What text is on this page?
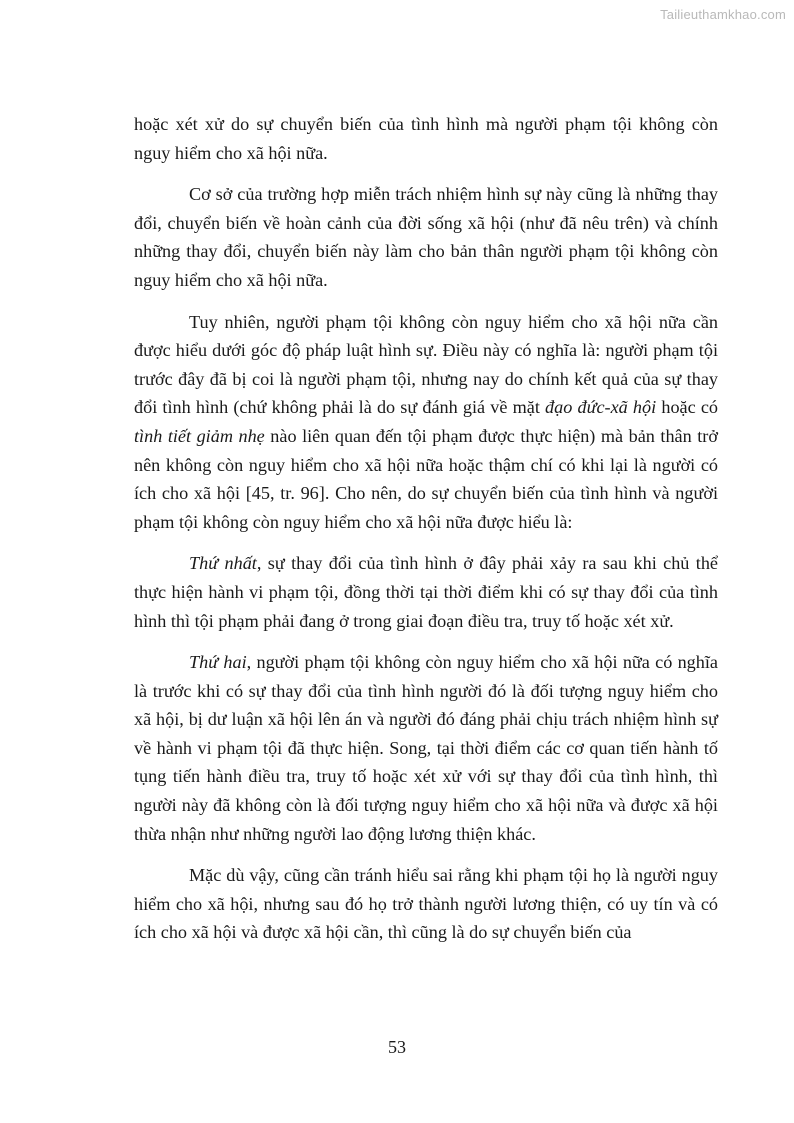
Tailieuthamkhao.com

hoặc xét xử do sự chuyển biến của tình hình mà người phạm tội không còn nguy hiểm cho xã hội nữa.

Cơ sở của trường hợp miễn trách nhiệm hình sự này cũng là những thay đổi, chuyển biến về hoàn cảnh của đời sống xã hội (như đã nêu trên) và chính những thay đổi, chuyển biến này làm cho bản thân người phạm tội không còn nguy hiểm cho xã hội nữa.

Tuy nhiên, người phạm tội không còn nguy hiểm cho xã hội nữa cần được hiểu dưới góc độ pháp luật hình sự. Điều này có nghĩa là: người phạm tội trước đây đã bị coi là người phạm tội, nhưng nay do chính kết quả của sự thay đổi tình hình (chứ không phải là do sự đánh giá về mặt đạo đức-xã hội hoặc có tình tiết giảm nhẹ nào liên quan đến tội phạm được thực hiện) mà bản thân trở nên không còn nguy hiểm cho xã hội nữa hoặc thậm chí có khi lại là người có ích cho xã hội [45, tr. 96]. Cho nên, do sự chuyển biến của tình hình và người phạm tội không còn nguy hiểm cho xã hội nữa được hiểu là:

Thứ nhất, sự thay đổi của tình hình ở đây phải xảy ra sau khi chủ thể thực hiện hành vi phạm tội, đồng thời tại thời điểm khi có sự thay đổi của tình hình thì tội phạm phải đang ở trong giai đoạn điều tra, truy tố hoặc xét xử.

Thứ hai, người phạm tội không còn nguy hiểm cho xã hội nữa có nghĩa là trước khi có sự thay đổi của tình hình người đó là đối tượng nguy hiểm cho xã hội, bị dư luận xã hội lên án và người đó đáng phải chịu trách nhiệm hình sự về hành vi phạm tội đã thực hiện. Song, tại thời điểm các cơ quan tiến hành tố tụng tiến hành điều tra, truy tố hoặc xét xử với sự thay đổi của tình hình, thì người này đã không còn là đối tượng nguy hiểm cho xã hội nữa và được xã hội thừa nhận như những người lao động lương thiện khác.

Mặc dù vậy, cũng cần tránh hiểu sai rằng khi phạm tội họ là người nguy hiểm cho xã hội, nhưng sau đó họ trở thành người lương thiện, có uy tín và có ích cho xã hội và được xã hội cần, thì cũng là do sự chuyển biến của

53
